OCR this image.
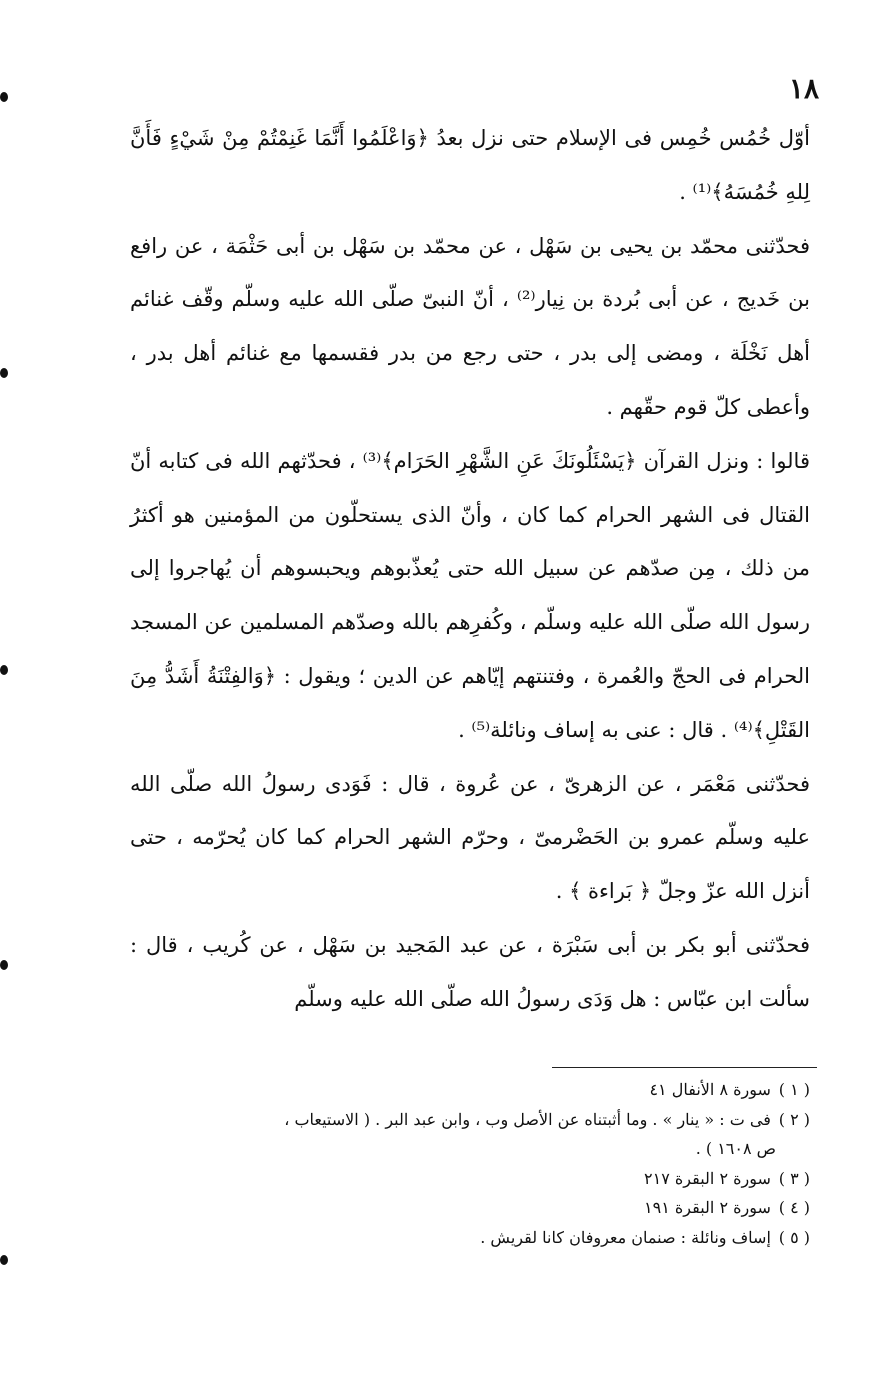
١٨

أوّل خُمُس خُمِس فى الإسلام حتى نزل بعدُ ﴿وَاعْلَمُوا أَنَّمَا غَنِمْتُمْ مِنْ شَيْءٍ فَأَنَّ لِلهِ خُمُسَهُ﴾⁽¹⁾ .

فحدّثنى محمّد بن يحيى بن سَهْل ، عن محمّد بن سَهْل بن أبى حَثْمَة ، عن رافع بن خَديج ، عن أبى بُردة بن نِيار⁽²⁾ ، أنّ النبىّ صلّى الله عليه وسلّم وقّف غنائم أهل نَخْلَة ، ومضى إلى بدر ، حتى رجع من بدر فقسمها مع غنائم أهل بدر ، وأعطى كلّ قوم حقّهم .

قالوا : ونزل القرآن ﴿يَسْئَلُونَكَ عَنِ الشَّهْرِ الحَرَام﴾⁽³⁾ ، فحدّثهم الله فى كتابه أنّ القتال فى الشهر الحرام كما كان ، وأنّ الذى يستحلّون من المؤمنين هو أكثرُ من ذلك ، مِن صدّهم عن سبيل الله حتى يُعذّبوهم ويحبسوهم أن يُهاجروا إلى رسول الله صلّى الله عليه وسلّم ، وكُفرِهم بالله وصدّهم المسلمين عن المسجد الحرام فى الحجّ والعُمرة ، وفتنتهم إيّاهم عن الدين ؛ ويقول : ﴿وَالفِتْنَةُ أَشَدُّ مِنَ القَتْلِ﴾⁽⁴⁾ . قال : عنى به إساف ونائلة⁽⁵⁾ .

فحدّثنى مَعْمَر ، عن الزهرىّ ، عن عُروة ، قال : فَوَدى رسولُ الله صلّى الله عليه وسلّم عمرو بن الحَضْرمىّ ، وحرّم الشهر الحرام كما كان يُحرّمه ، حتى أنزل الله عزّ وجلّ ﴿ بَراءة ﴾ .

فحدّثنى أبو بكر بن أبى سَبْرَة ، عن عبد المَجيد بن سَهْل ، عن كُريب ، قال : سألت ابن عبّاس : هل وَدَى رسولُ الله صلّى الله عليه وسلّم

( ١ ) سورة ٨ الأنفال ٤١

( ٢ ) فى ت : « ينار » . وما أثبتناه عن الأصل وب ، وابن عبد البر . ( الاستيعاب ،

ص ١٦٠٨ ) .

( ٣ ) سورة ٢ البقرة ٢١٧

( ٤ ) سورة ٢ البقرة ١٩١

( ٥ ) إساف ونائلة : صنمان معروفان كانا لقريش .
